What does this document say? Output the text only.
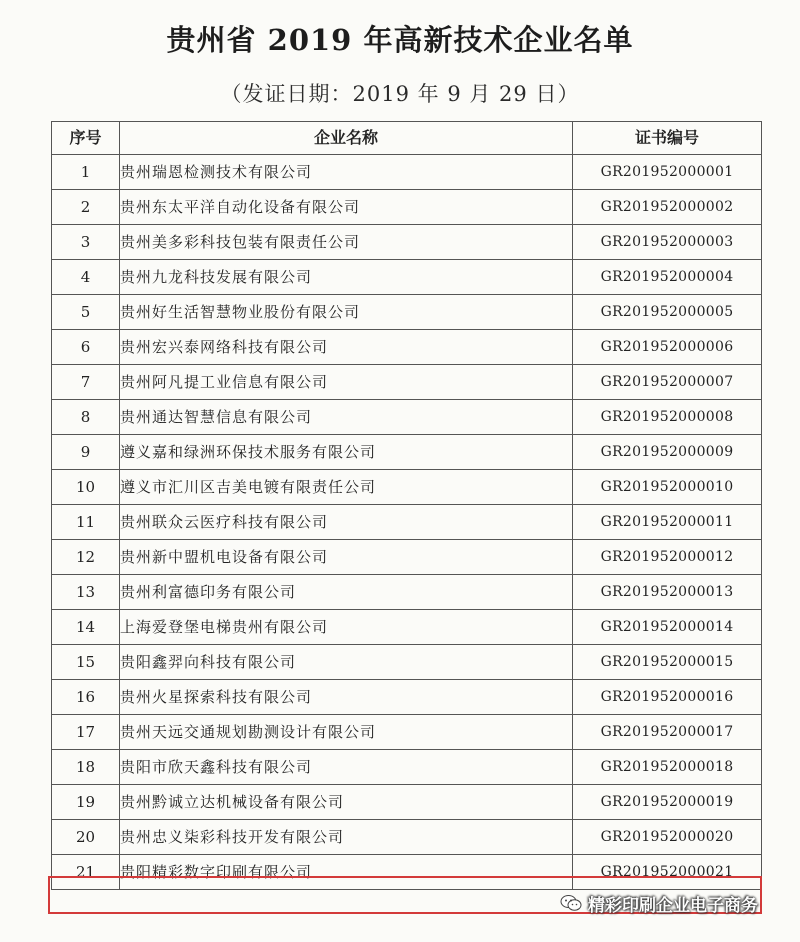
贵州省 2019 年高新技术企业名单
（发证日期：2019 年 9 月 29 日）
序号	企业名称	证书编号
1	贵州瑞恩检测技术有限公司	GR201952000001
2	贵州东太平洋自动化设备有限公司	GR201952000002
3	贵州美多彩科技包装有限责任公司	GR201952000003
4	贵州九龙科技发展有限公司	GR201952000004
5	贵州好生活智慧物业股份有限公司	GR201952000005
6	贵州宏兴泰网络科技有限公司	GR201952000006
7	贵州阿凡提工业信息有限公司	GR201952000007
8	贵州通达智慧信息有限公司	GR201952000008
9	遵义嘉和绿洲环保技术服务有限公司	GR201952000009
10	遵义市汇川区吉美电镀有限责任公司	GR201952000010
11	贵州联众云医疗科技有限公司	GR201952000011
12	贵州新中盟机电设备有限公司	GR201952000012
13	贵州利富德印务有限公司	GR201952000013
14	上海爱登堡电梯贵州有限公司	GR201952000014
15	贵阳鑫羿向科技有限公司	GR201952000015
16	贵州火星探索科技有限公司	GR201952000016
17	贵州天远交通规划勘测设计有限公司	GR201952000017
18	贵阳市欣天鑫科技有限公司	GR201952000018
19	贵州黔诚立达机械设备有限公司	GR201952000019
20	贵州忠义柒彩科技开发有限公司	GR201952000020
21	贵阳精彩数字印刷有限公司	GR201952000021
精彩印刷企业电子商务
